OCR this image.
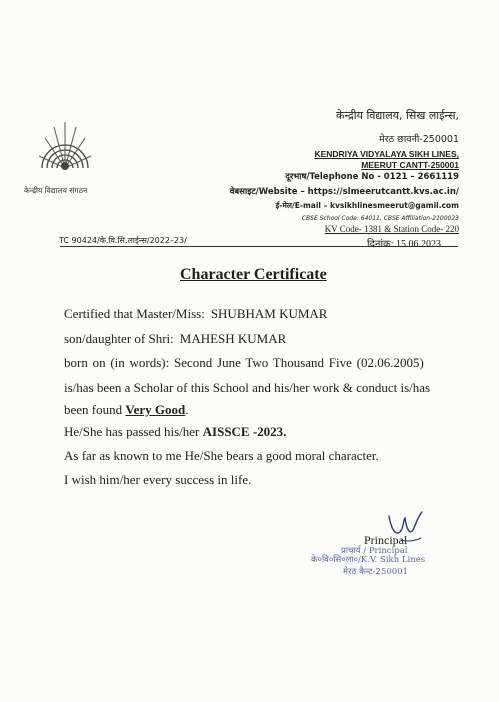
केन्द्रीय विद्यालय संगठन
केन्द्रीय विद्यालय, सिख लाईन्स,
मेरठ छावनी-250001
KENDRIYA VIDYALAYA SIKH LINES,
MEERUT CANTT-250001
दूरभाष/Telephone No - 0121 – 2661119
वेबसाइट/Website – https://slmeerutcantt.kvs.ac.in/
ई-मेल/E-mail – kvsikhlinesmeerut@gamil.com
CBSE School Code: 64011, CBSE Affiliation-2100023
KV Code- 1381 & Station Code- 220
TC 90424/के.वि.सि.लाईन्स/2022–23/	दिनांक: 15.06.2023
Character Certificate
Certified that Master/Miss: SHUBHAM KUMAR
son/daughter of Shri: MAHESH KUMAR
born on (in words): Second June Two Thousand Five (02.06.2005)
is/has been a Scholar of this School and his/her work & conduct is/has
been found Very Good.
He/She has passed his/her AISSCE -2023.
As far as known to me He/She bears a good moral character.
I wish him/her every success in life.
Principal
प्राचार्य / Principal
के०वि०सि०ला०/K.V. Sikh Lines
मेरठ कैन्ट-250001
